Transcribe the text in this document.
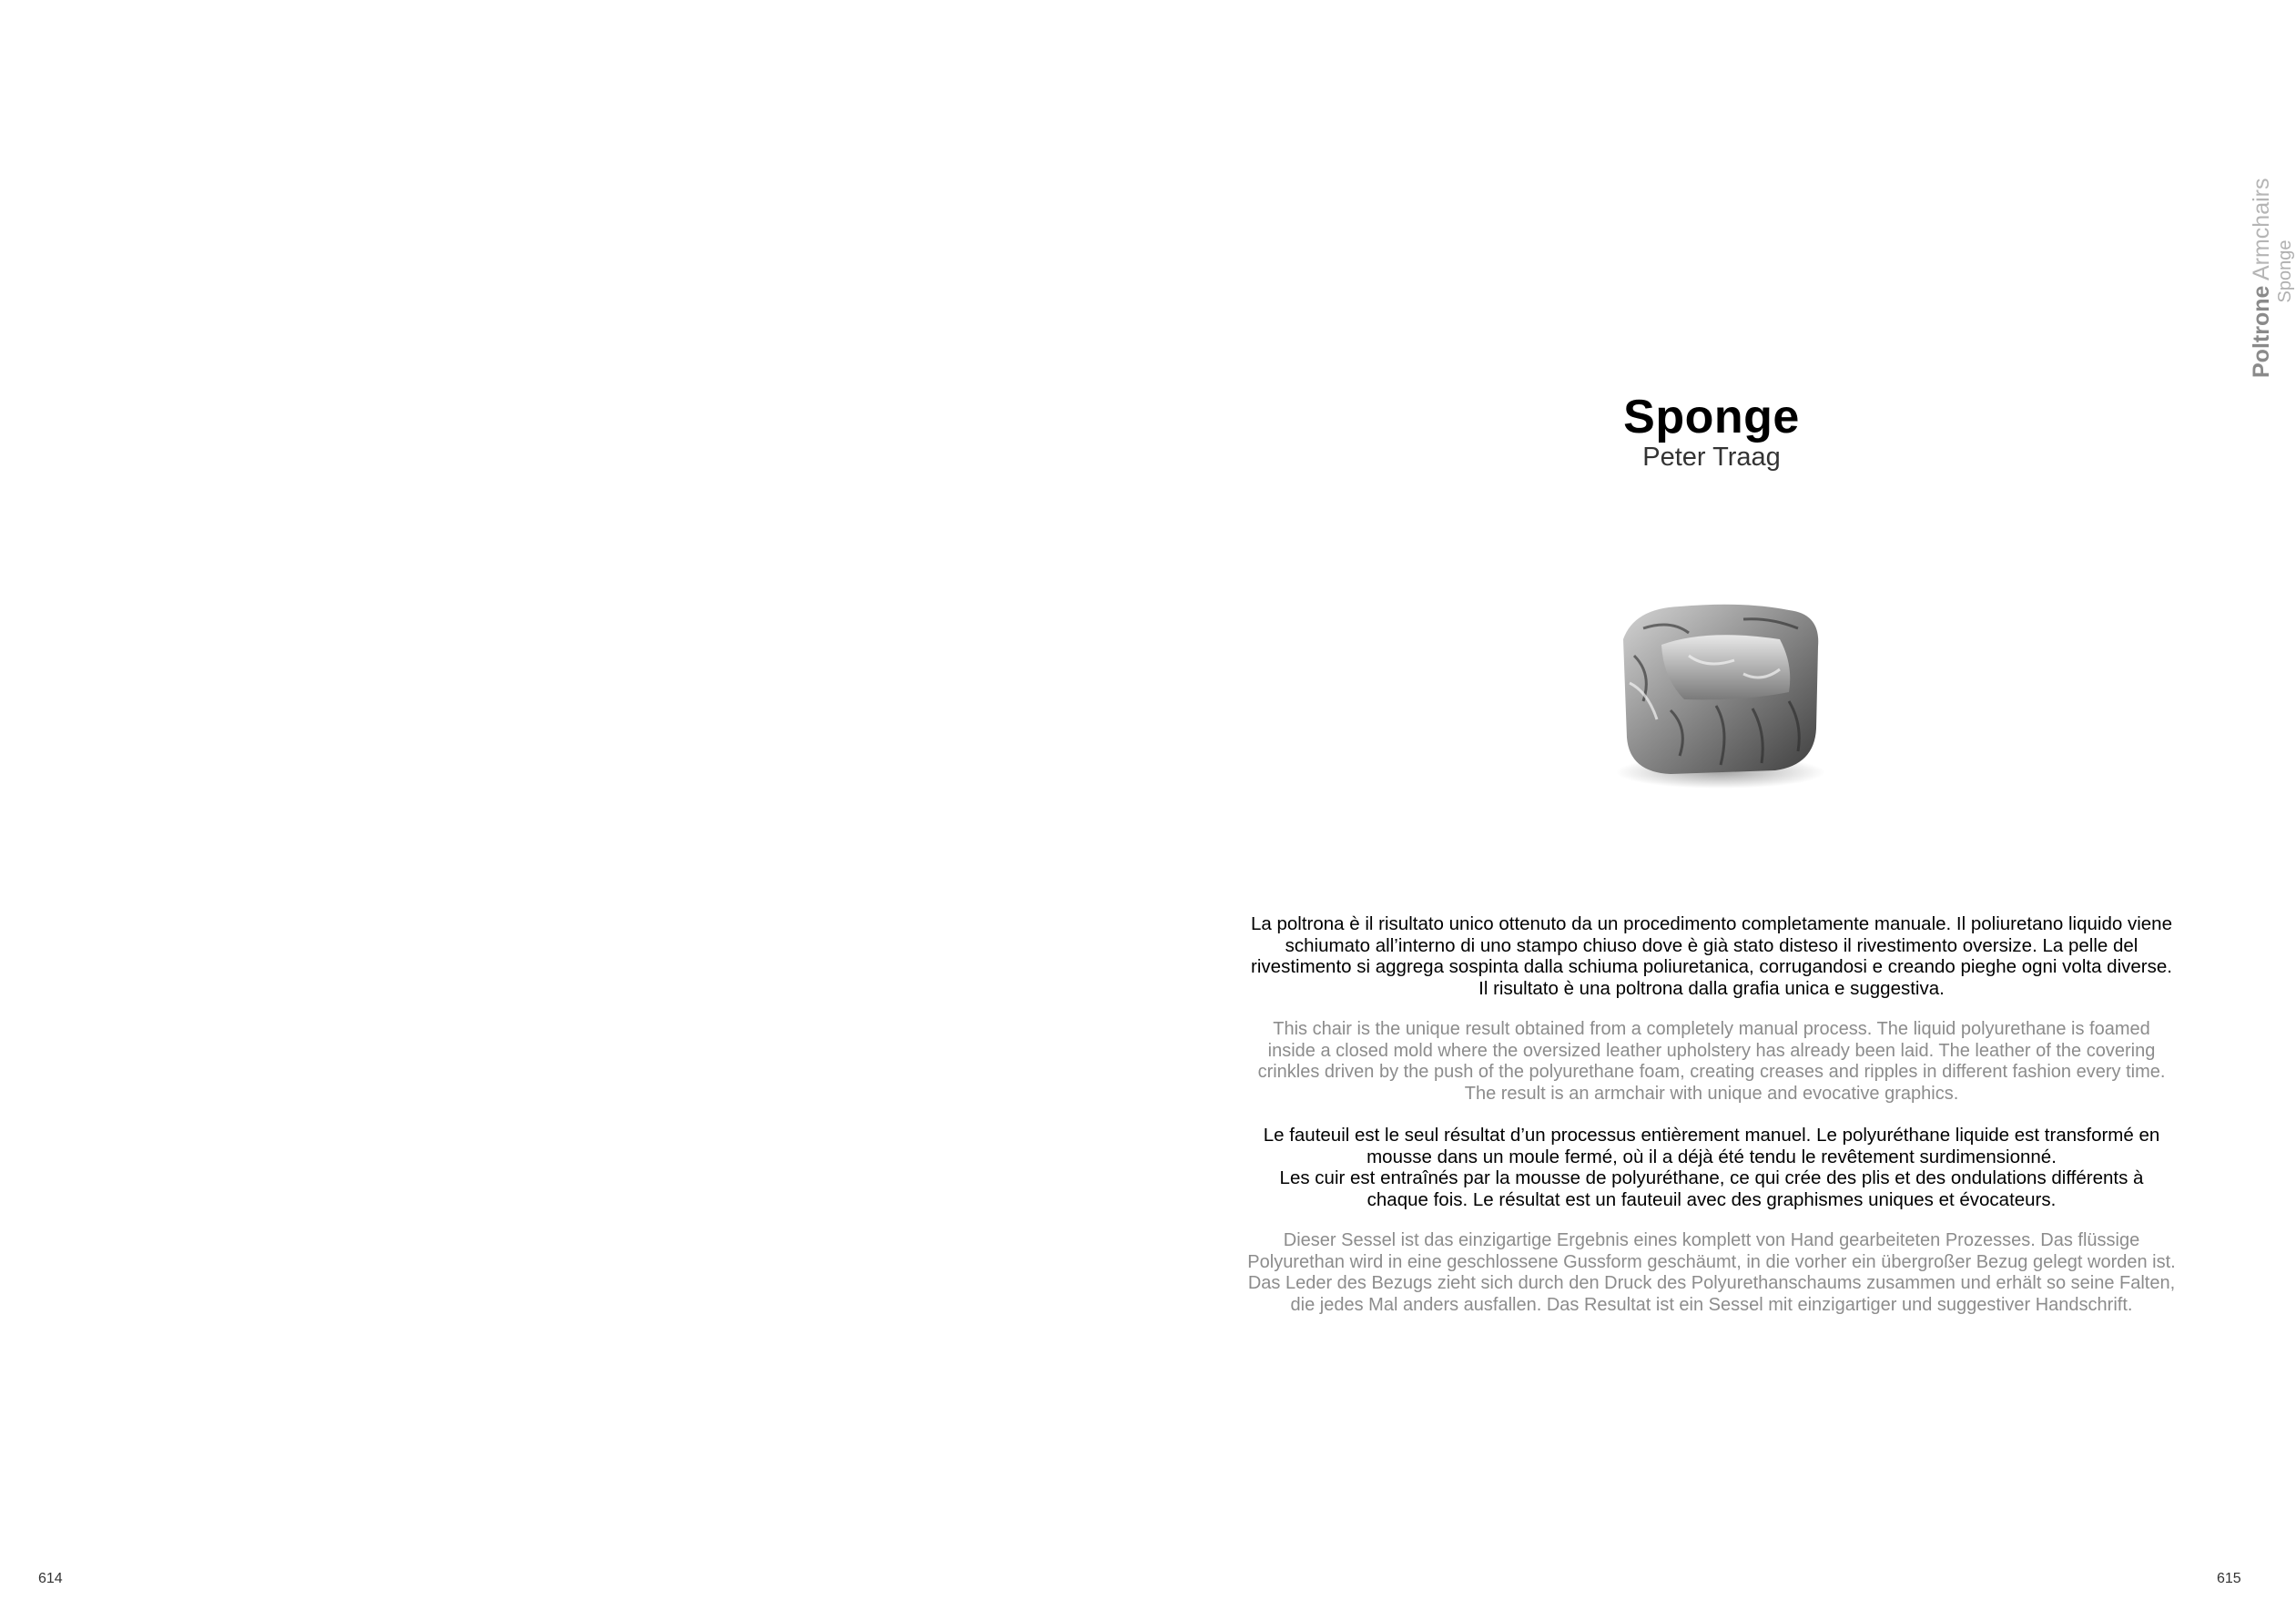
Poltrone Armchairs Sponge
Sponge
Peter Traag
La poltrona è il risultato unico ottenuto da un procedimento completamente manuale. Il poliuretano liquido viene schiumato all’interno di uno stampo chiuso dove è già stato disteso il rivestimento oversize. La pelle del rivestimento si aggrega sospinta dalla schiuma poliuretanica, corrugandosi e creando pieghe ogni volta diverse. Il risultato è una poltrona dalla grafia unica e suggestiva.
This chair is the unique result obtained from a completely manual process. The liquid polyurethane is foamed inside a closed mold where the oversized leather upholstery has already been laid. The leather of the covering crinkles driven by the push of the polyurethane foam, creating creases and ripples in different fashion every time. The result is an armchair with unique and evocative graphics.
Le fauteuil est le seul résultat d’un processus entièrement manuel. Le polyuréthane liquide est transformé en mousse dans un moule fermé, où il a déjà été tendu le revêtement surdimensionné.
Les cuir est entraînés par la mousse de polyuréthane, ce qui crée des plis et des ondulations différents à chaque fois. Le résultat est un fauteuil avec des graphismes uniques et évocateurs.
Dieser Sessel ist das einzigartige Ergebnis eines komplett von Hand gearbeiteten Prozesses. Das flüssige Polyurethan wird in eine geschlossene Gussform geschäumt, in die vorher ein übergroßer Bezug gelegt worden ist. Das Leder des Bezugs zieht sich durch den Druck des Polyurethanschaums zusammen und erhält so seine Falten, die jedes Mal anders ausfallen. Das Resultat ist ein Sessel mit einzigartiger und suggestiver Handschrift.
614	615
